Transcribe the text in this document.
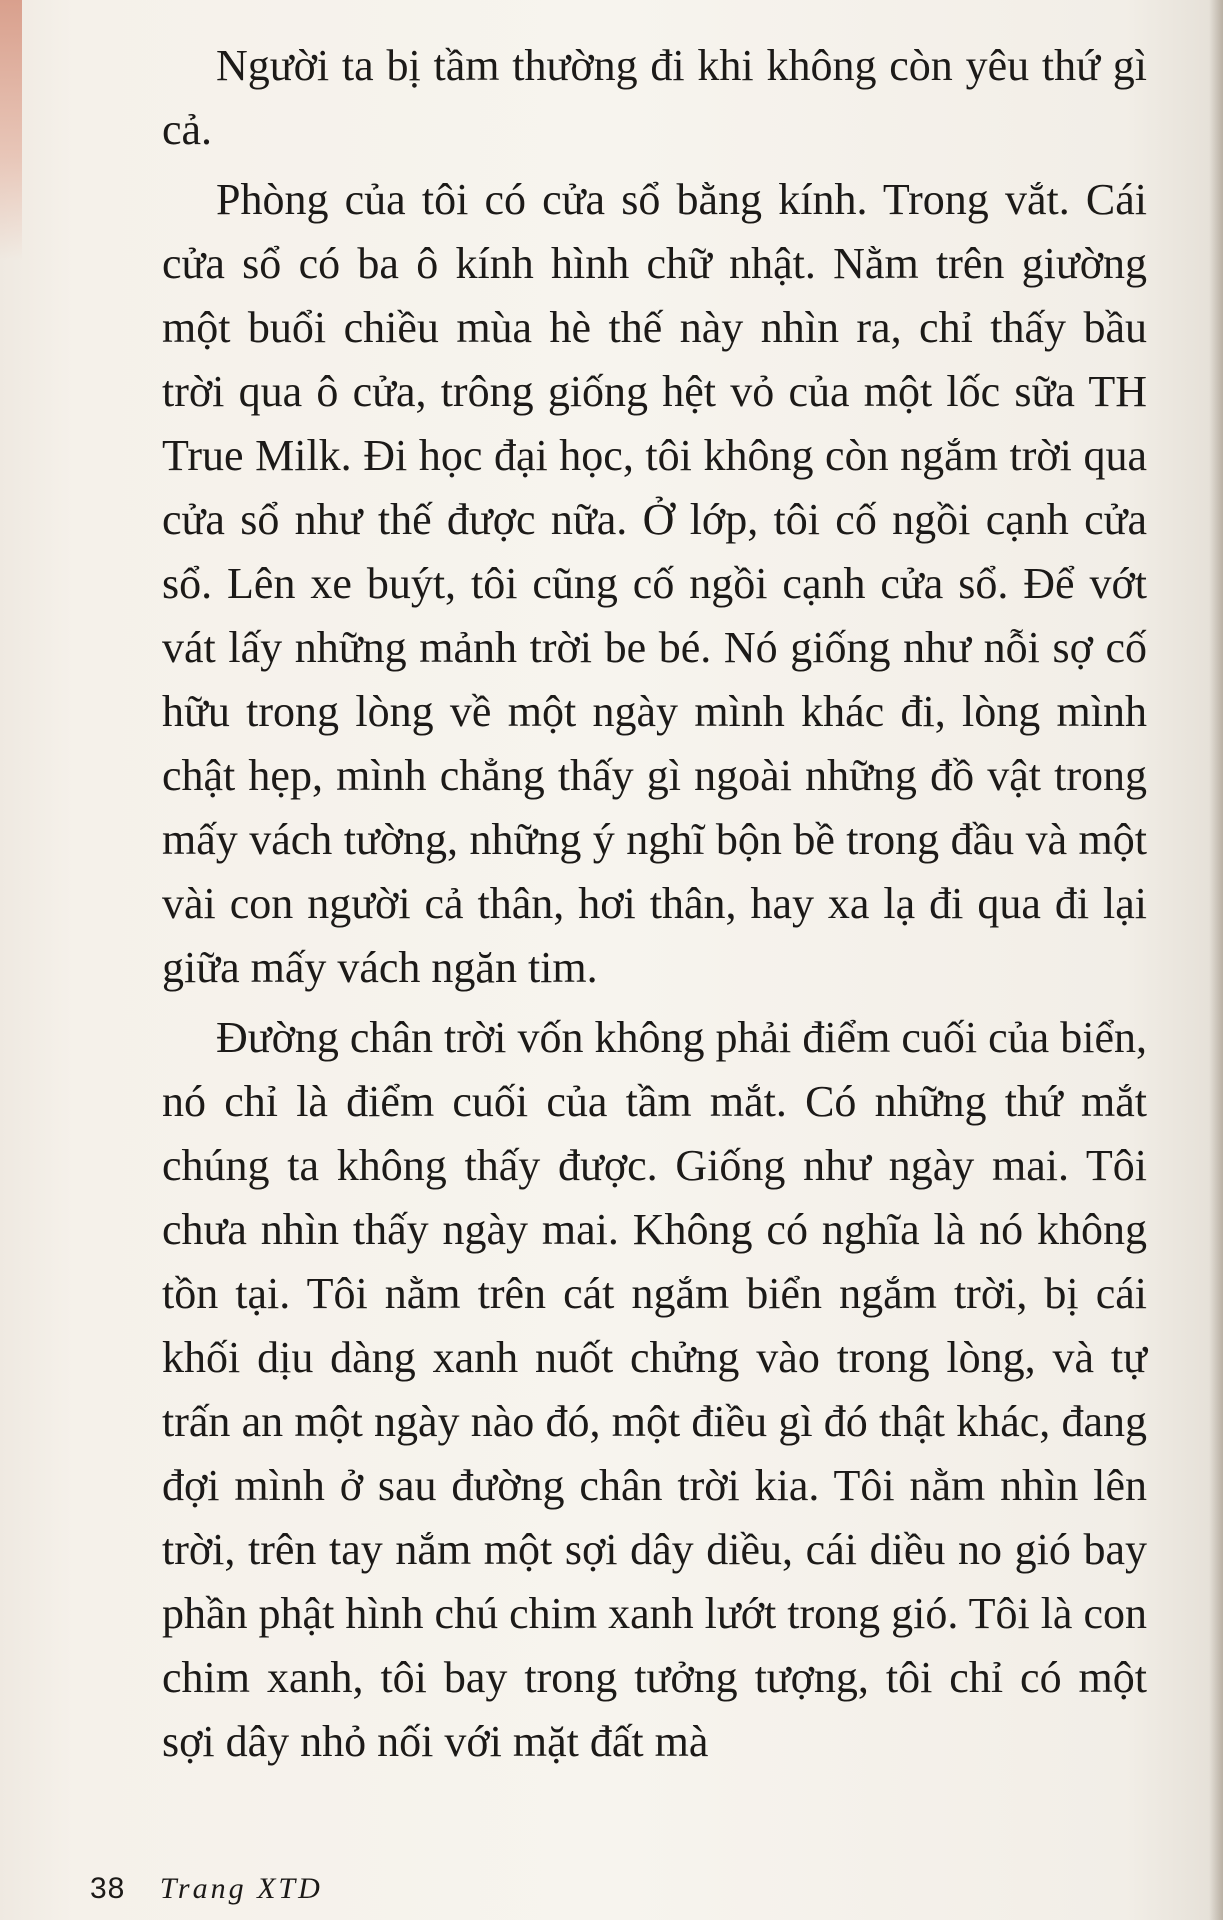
Người ta bị tầm thường đi khi không còn yêu thứ gì cả.

Phòng của tôi có cửa sổ bằng kính. Trong vắt. Cái cửa sổ có ba ô kính hình chữ nhật. Nằm trên giường một buổi chiều mùa hè thế này nhìn ra, chỉ thấy bầu trời qua ô cửa, trông giống hệt vỏ của một lốc sữa TH True Milk. Đi học đại học, tôi không còn ngắm trời qua cửa sổ như thế được nữa. Ở lớp, tôi cố ngồi cạnh cửa sổ. Lên xe buýt, tôi cũng cố ngồi cạnh cửa sổ. Để vớt vát lấy những mảnh trời be bé. Nó giống như nỗi sợ cố hữu trong lòng về một ngày mình khác đi, lòng mình chật hẹp, mình chẳng thấy gì ngoài những đồ vật trong mấy vách tường, những ý nghĩ bộn bề trong đầu và một vài con người cả thân, hơi thân, hay xa lạ đi qua đi lại giữa mấy vách ngăn tim.

Đường chân trời vốn không phải điểm cuối của biển, nó chỉ là điểm cuối của tầm mắt. Có những thứ mắt chúng ta không thấy được. Giống như ngày mai. Tôi chưa nhìn thấy ngày mai. Không có nghĩa là nó không tồn tại. Tôi nằm trên cát ngắm biển ngắm trời, bị cái khối dịu dàng xanh nuốt chửng vào trong lòng, và tự trấn an một ngày nào đó, một điều gì đó thật khác, đang đợi mình ở sau đường chân trời kia. Tôi nằm nhìn lên trời, trên tay nắm một sợi dây diều, cái diều no gió bay phần phật hình chú chim xanh lướt trong gió. Tôi là con chim xanh, tôi bay trong tưởng tượng, tôi chỉ có một sợi dây nhỏ nối với mặt đất mà

38 Trang XTD
